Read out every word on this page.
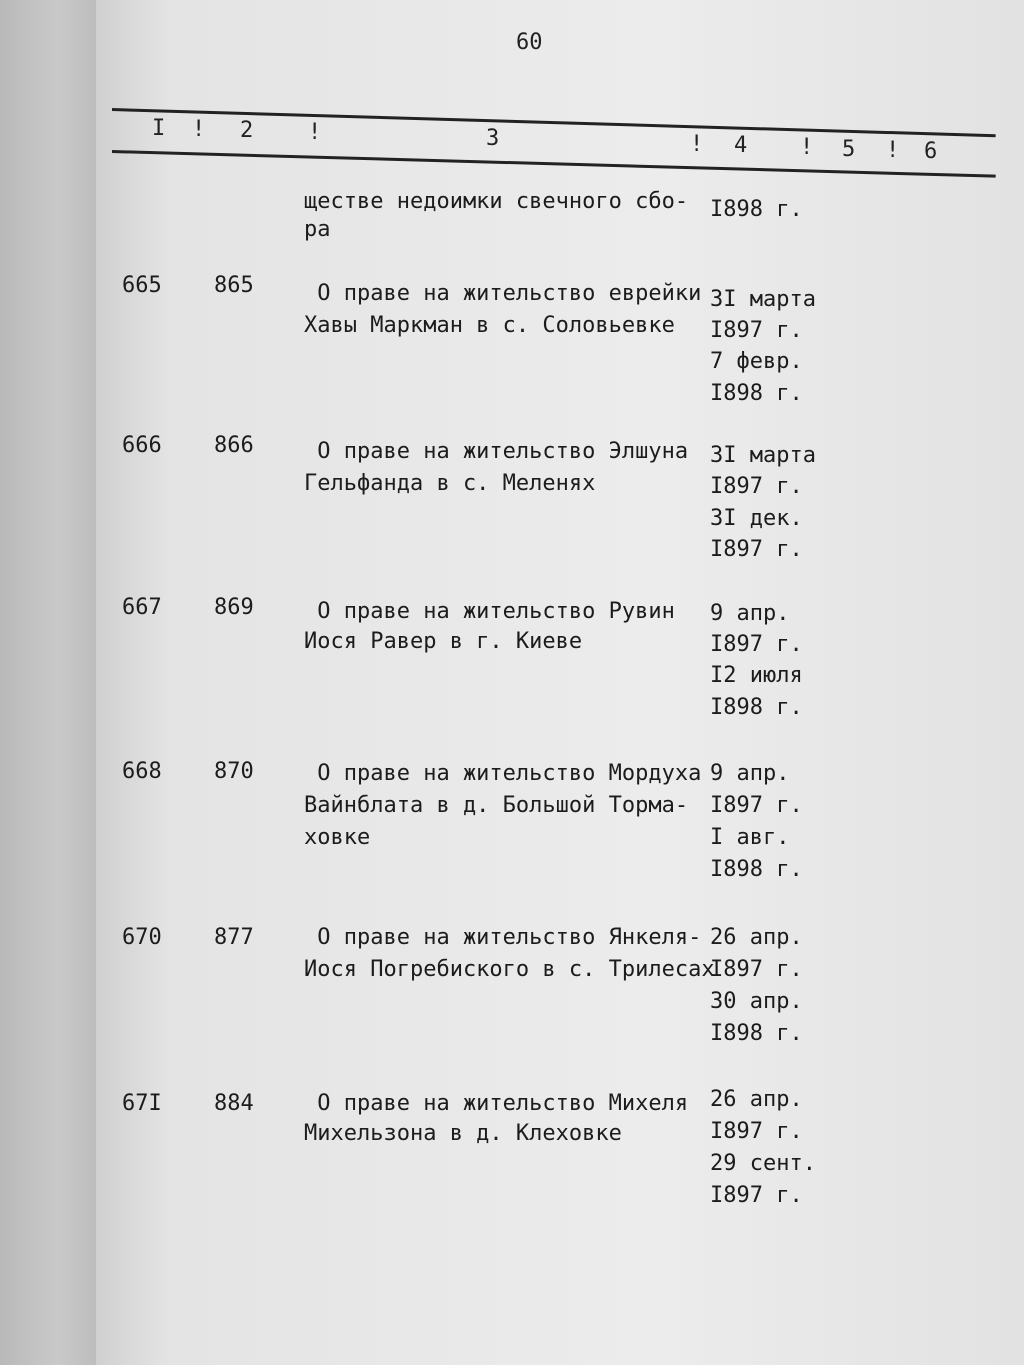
60
I ! 2 !	3	! 4 ! 5 ! 6
ществе недоимки свечного сбо-
ра
I898 г.
665 865 О праве на жительство еврейки
Хавы Маркман в с. Соловьевке
3I марта
I897 г.
7 февр.
I898 г.
666 866 О праве на жительство Элшуна
Гельфанда в с. Меленях
3I марта
I897 г.
3I дек.
I897 г.
667 869 О праве на жительство Рувин
Иося Равер в г. Киеве
9 апр.
I897 г.
I2 июля
I898 г.
668 870 О праве на жительство Мордуха
Вайнблата в д. Большой Торма-
ховке
9 апр.
I897 г.
I авг.
I898 г.
670 877 О праве на жительство Янкеля-
Иося Погребиского в с. Трилесах
26 апр.
I897 г.
30 апр.
I898 г.
67I 884 О праве на жительство Михеля
Михельзона в д. Клеховке
26 апр.
I897 г.
29 сент.
I897 г.
